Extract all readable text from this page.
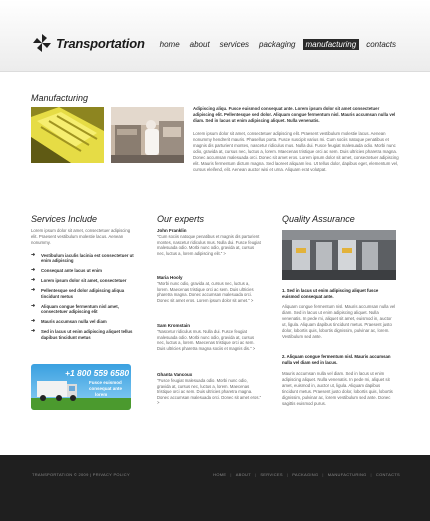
Transportation	home	about	services	packaging	manufacturing	contacts
Manufacturing
Adipiscing aliqu. Fusce euismod consequat ante. Lorem ipsum dolor sit amet consectetuer adipiscing elit. Pellentesque sed dolor. Aliquam congue fermentum nisl. Mauris accumsan nulla vel diam. Sed in lacus ut enim adipiscing aliquet. Nulla venenatis.
Lorem ipsum dolor sit amet, consectetuer adipiscing elit. Praesent vestibulum molestie lacus. Aenean nonummy hendrerit mauris. Phasellus porta. Fusce suscipit varius mi. Cum sociis natoque penatibus et magnis dis parturient montes, nascetur ridiculus mus. Nulla dui. Fusce feugiat malesuada odio. Morbi nunc odio, gravida at, cursus nec, luctus a, lorem. Maecenas tristique orci ac sem. Duis ultricies pharetra magna. Donec accumsan malesuada orci. Donec sit amet eros. Lorem ipsum dolor sit amet, consectetuer adipiscing elit. Mauris fermentum dictum magna. Sed laoreet aliquam leo. Ut tellus dolor, dapibus eget, elementum vel, cursus eleifend, elit. Aenean auctor wisi et urna. Aliquam erat volutpat.
Services Include
Lorem ipsum dolor sit amet, consectetuer adipiscing elit. Praesent vestibulum molestie lacus. Aenean nonummy.
➜ Vestibulum iaculis lacinia est consectetuer ut enim adipiscing
➜ Consequat ante lacus ut enim
➜ Lorem ipsum dolor sit amet, consectetuer
➜ Pellentesque sed dolor adipiscing aliqua tincidunt metus
➜ Aliquam congue fermentum nisl amet, consectetuer adipiscing elit
➜ Mauris accumsan nulla vel diam
➜ Sed in lacus ut enim adipiscing aliquet tellus dapibus tincidunt metus
+1 800 559 6580
Fusce euismod
consequat ante
lorem
Our experts
John Franklin
"Cum sociis natoque penatibus et magnis dis parturient montes, nascetur ridiculus mus. Nulla dui. Fusce feugiat malesuada odio. Morbi nunc odio, gravida at, cursus nec, luctus a, lorem adipiscing elit." >
Maria Hooly
"Morbi nunc odio, gravida at, cursus nec, luctus a, lorem. Maecenas tristique orci ac sem. Duis ultricies pharetra magna. Donec accumsan malesuada orci. Donec sit amet eros. Lorem ipsum dolor sit amet." >
Sam Kromstain
"Nascetur ridiculus mus. Nulla dui. Fusce feugiat malesuada odio. Morbi nunc odio, gravida at, cursus nec, luctus a, lorem. Maecenas tristique orci ac sem. Duis ultricies pharetra magna sociis et magnis dis." >
Ghanta Vancoux
"Fusce feugiat malesuada odio. Morbi nunc odio, gravida at, cursus nec, luctus a, lorem. Maecenas tristique orci ac sem. Duis ultricies pharetra magna. Donec accumsan malesuada orci. Donec sit amet eros." >
Quality Assurance
1. Sed in lacus ut enim adipiscing aliquet fusce euismod consequat ante.
Aliquam congue fermentum nisl. Mauris accumsan nulla vel diam. Sed in lacus ut enim adipiscing aliquet. Nulla venenatis. In pede mi, aliquet sit amet, euismod in, auctor ut, ligula. Aliquam dapibus tincidunt metus. Praesent justo dolor, lobortis quis, lobortis dignissim, pulvinar ac, lorem. Vestibulum sed ante.
2. Aliquam congue fermentum nisl. Mauris accumsan nulla vel diam sed in lacus.
Mauris accumsan nulla vel diam. Sed in lacus ut enim adipiscing aliquet. Nulla venenatis. In pede mi, aliquet sit amet, euismod in, auctor ut, ligula. Aliquam dapibus tincidunt metus. Praesent justo dolor, lobortis quis, lobortis dignissim, pulvinar ac, lorem vestibulum sed ante. Donec sagittis euismod purus.
TRANSPORTATION © 2009 | PRIVACY POLICY	HOME | ABOUT | SERVICES | PACKAGING | MANUFACTURING | CONTACTS
